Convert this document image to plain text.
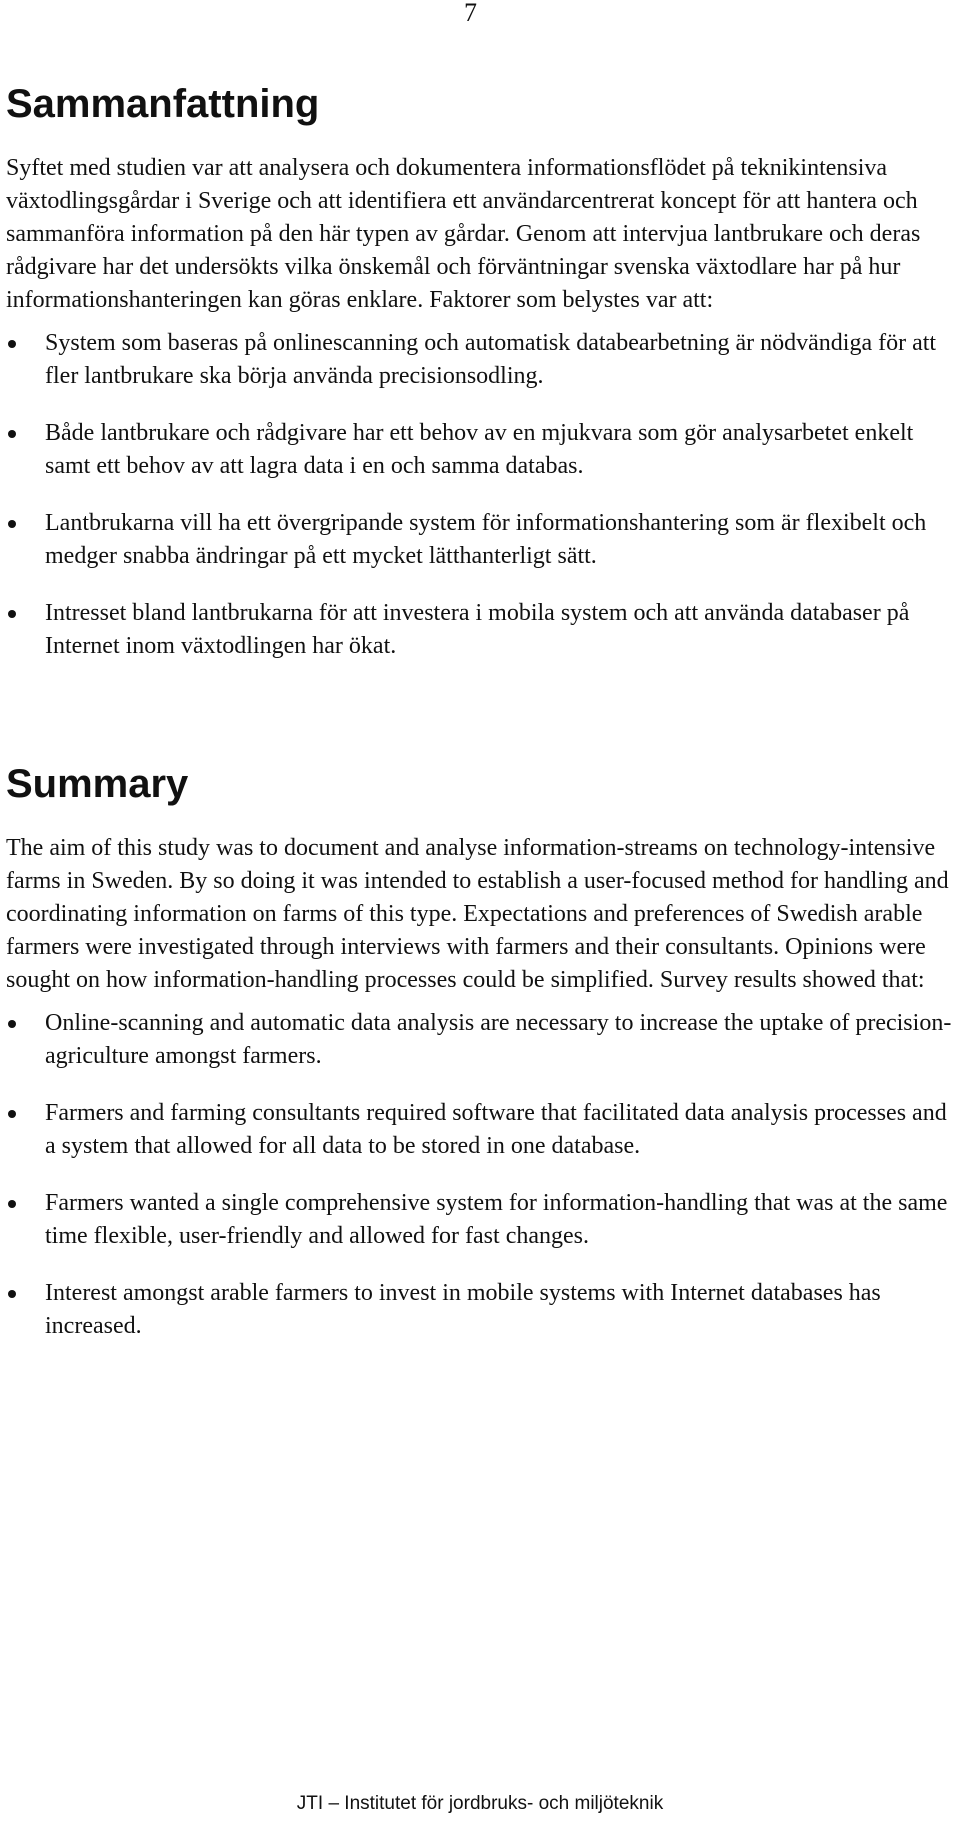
7
Sammanfattning

Syftet med studien var att analysera och dokumentera informationsflödet på teknikintensiva växtodlingsgårdar i Sverige och att identifiera ett användarcentrerat koncept för att hantera och sammanföra information på den här typen av gårdar. Genom att intervjua lantbrukare och deras rådgivare har det undersökts vilka önskemål och förväntningar svenska växtodlare har på hur informationshanteringen kan göras enklare. Faktorer som belystes var att:

System som baseras på onlinescanning och automatisk databearbetning är nödvändiga för att fler lantbrukare ska börja använda precisionsodling.
Både lantbrukare och rådgivare har ett behov av en mjukvara som gör analysarbetet enkelt samt ett behov av att lagra data i en och samma databas.
Lantbrukarna vill ha ett övergripande system för informationshantering som är flexibelt och medger snabba ändringar på ett mycket lätthanterligt sätt.
Intresset bland lantbrukarna för att investera i mobila system och att använda databaser på Internet inom växtodlingen har ökat.
Summary

The aim of this study was to document and analyse information-streams on technology-intensive farms in Sweden. By so doing it was intended to establish a user-focused method for handling and coordinating information on farms of this type. Expectations and preferences of Swedish arable farmers were investigated through interviews with farmers and their consultants. Opinions were sought on how information-handling processes could be simplified. Survey results showed that:

Online-scanning and automatic data analysis are necessary to increase the uptake of precision-agriculture amongst farmers.
Farmers and farming consultants required software that facilitated data analysis processes and a system that allowed for all data to be stored in one database.
Farmers wanted a single comprehensive system for information-handling that was at the same time flexible, user-friendly and allowed for fast changes.
Interest amongst arable farmers to invest in mobile systems with Internet databases has increased.
JTI – Institutet för jordbruks- och miljöteknik
